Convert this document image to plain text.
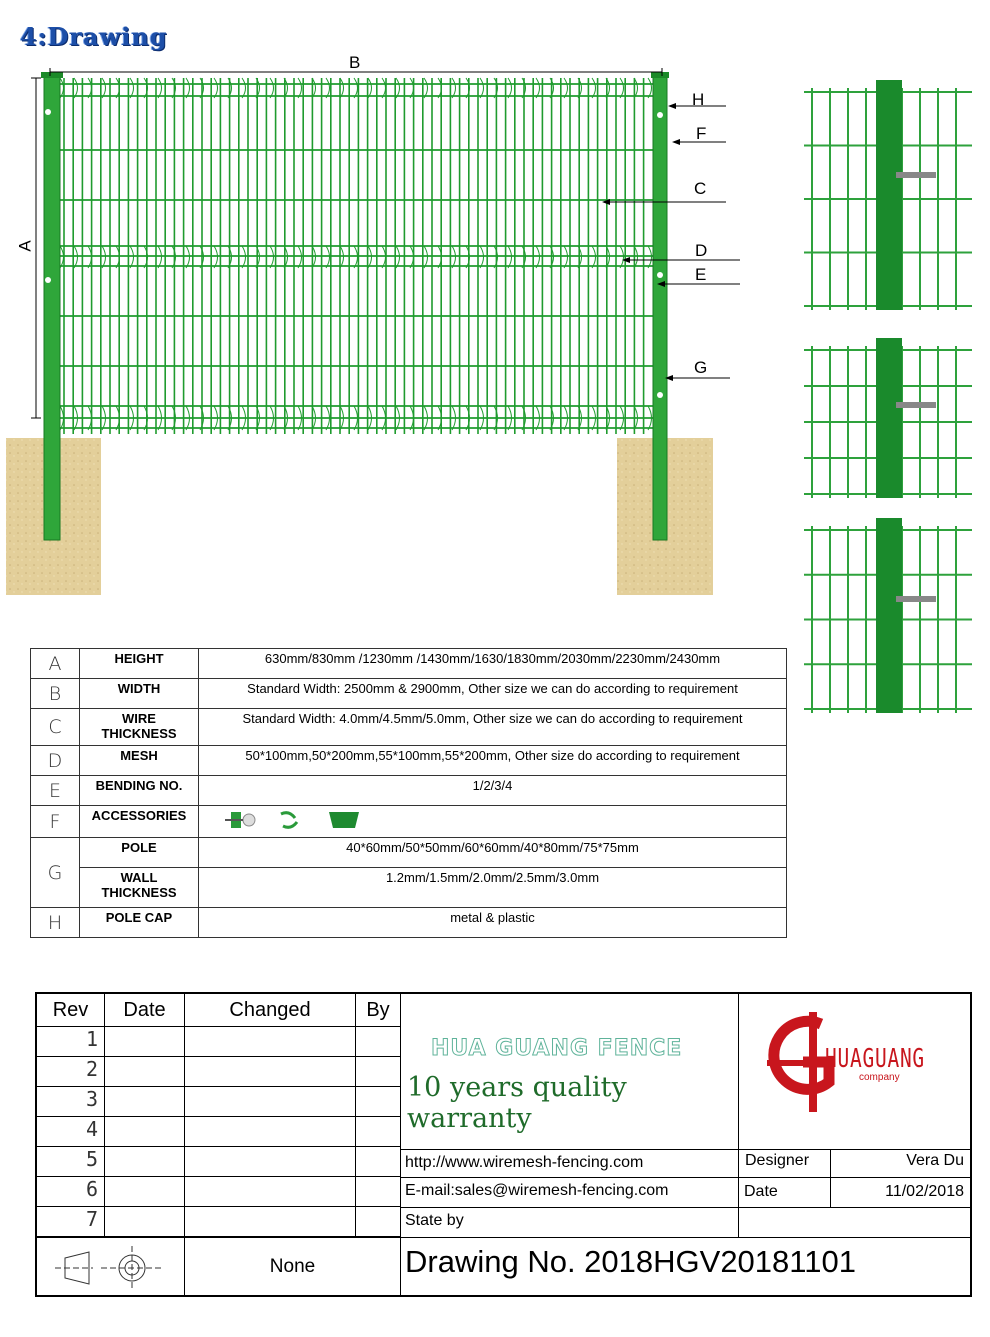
4:Drawing
B
A
H
F
C
D
E
G
A	HEIGHT	630mm/830mm /1230mm /1430mm/1630/1830mm/2030mm/2230mm/2430mm
B	WIDTH	Standard Width: 2500mm & 2900mm, Other size we can do according to requirement
C	WIRE THICKNESS	Standard Width: 4.0mm/4.5mm/5.0mm, Other size we can do according to requirement
D	MESH	50*100mm,50*200mm,55*100mm,55*200mm, Other size do according to requirement
E	BENDING NO.	1/2/3/4
F	ACCESSORIES	
G	POLE	40*60mm/50*50mm/60*60mm/40*80mm/75*75mm
	WALL THICKNESS	1.2mm/1.5mm/2.0mm/2.5mm/3.0mm
H	POLE CAP	metal & plastic
Rev	Date	Changed	By
1
2
3
4
5
6
7
None
HUA GUANG FENCE
10 years quality warranty
HUAGUANG
company
http://www.wiremesh-fencing.com	Designer	Vera Du
E-mail:sales@wiremesh-fencing.com	Date	11/02/2018
State by
Drawing No. 2018HGV20181101
